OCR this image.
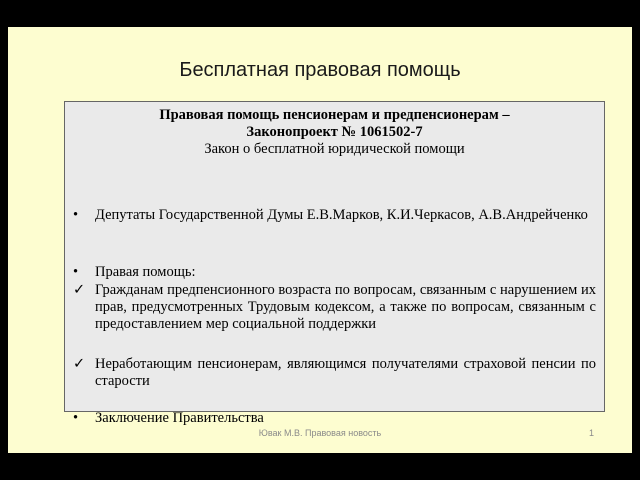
Бесплатная правовая помощь
Правовая помощь пенсионерам и предпенсионерам –
Законопроект № 1061502-7
Закон о бесплатной юридической помощи
•	Депутаты Государственной Думы Е.В.Марков, К.И.Черкасов, А.В.Андрейченко
•	Правая помощь:
✓ Гражданам предпенсионного возраста по вопросам, связанным с нарушением их прав, предусмотренных Трудовым кодексом, а также по вопросам, связанным с предоставлением мер социальной поддержки
✓ Неработающим пенсионерам, являющимся получателями страховой пенсии по старости
•	Заключение Правительства
Ювак М.В. Правовая новость	1
